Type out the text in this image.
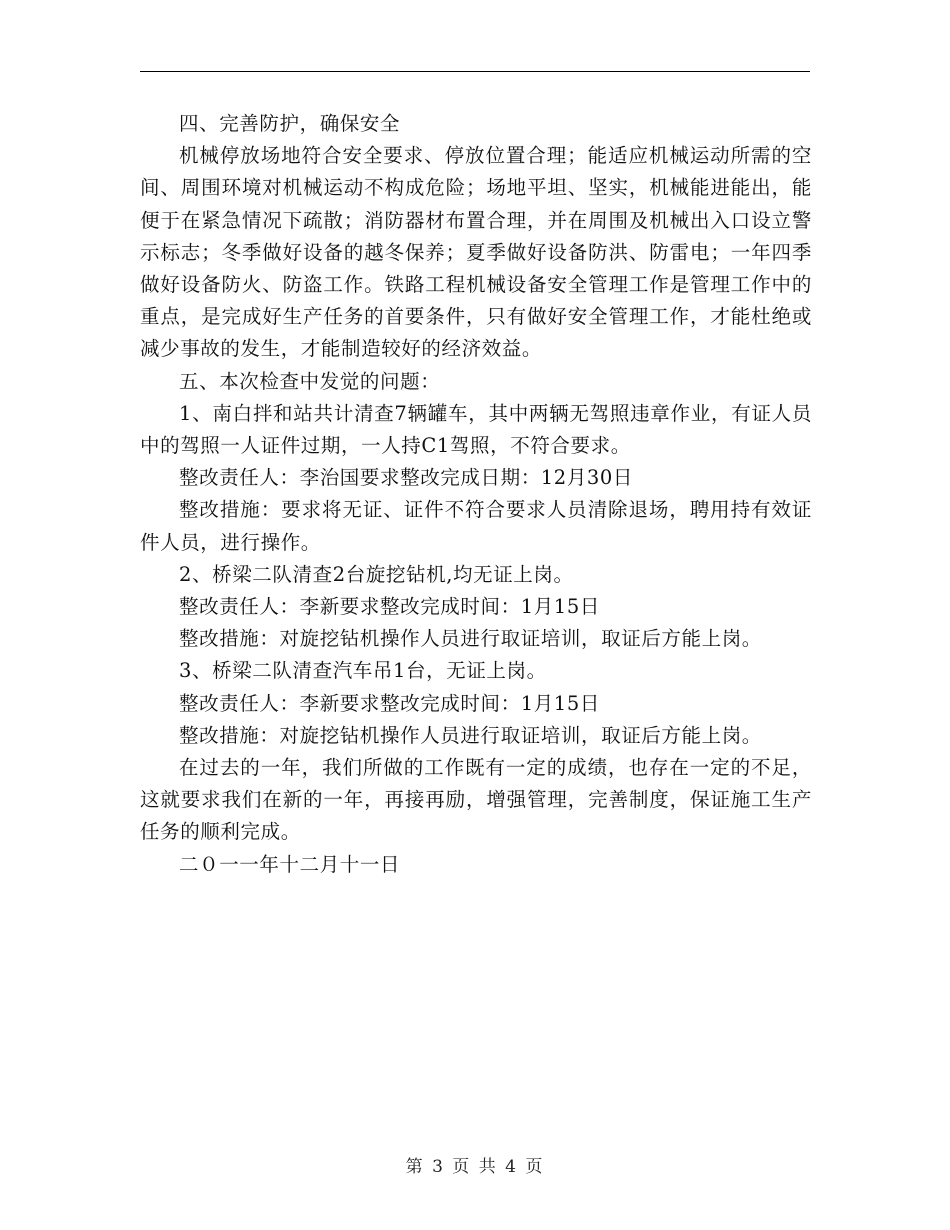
四、完善防护，确保安全

机械停放场地符合安全要求、停放位置合理；能适应机械运动所需的空间、周围环境对机械运动不构成危险；场地平坦、坚实，机械能进能出，能便于在紧急情况下疏散；消防器材布置合理，并在周围及机械出入口设立警示标志；冬季做好设备的越冬保养；夏季做好设备防洪、防雷电；一年四季做好设备防火、防盗工作。铁路工程机械设备安全管理工作是管理工作中的重点，是完成好生产任务的首要条件，只有做好安全管理工作，才能杜绝或减少事故的发生，才能制造较好的经济效益。

五、本次检查中发觉的问题：

1、南白拌和站共计清查7辆罐车，其中两辆无驾照违章作业，有证人员中的驾照一人证件过期，一人持C1驾照，不符合要求。

整改责任人：李治国要求整改完成日期：12月30日

整改措施：要求将无证、证件不符合要求人员清除退场，聘用持有效证件人员，进行操作。

2、桥梁二队清查2台旋挖钻机,均无证上岗。

整改责任人：李新要求整改完成时间：1月15日

整改措施：对旋挖钻机操作人员进行取证培训，取证后方能上岗。

3、桥梁二队清查汽车吊1台，无证上岗。

整改责任人：李新要求整改完成时间：1月15日

整改措施：对旋挖钻机操作人员进行取证培训，取证后方能上岗。

在过去的一年，我们所做的工作既有一定的成绩，也存在一定的不足，这就要求我们在新的一年，再接再励，增强管理，完善制度，保证施工生产任务的顺利完成。

二０一一年十二月十一日

第 3 页 共 4 页
